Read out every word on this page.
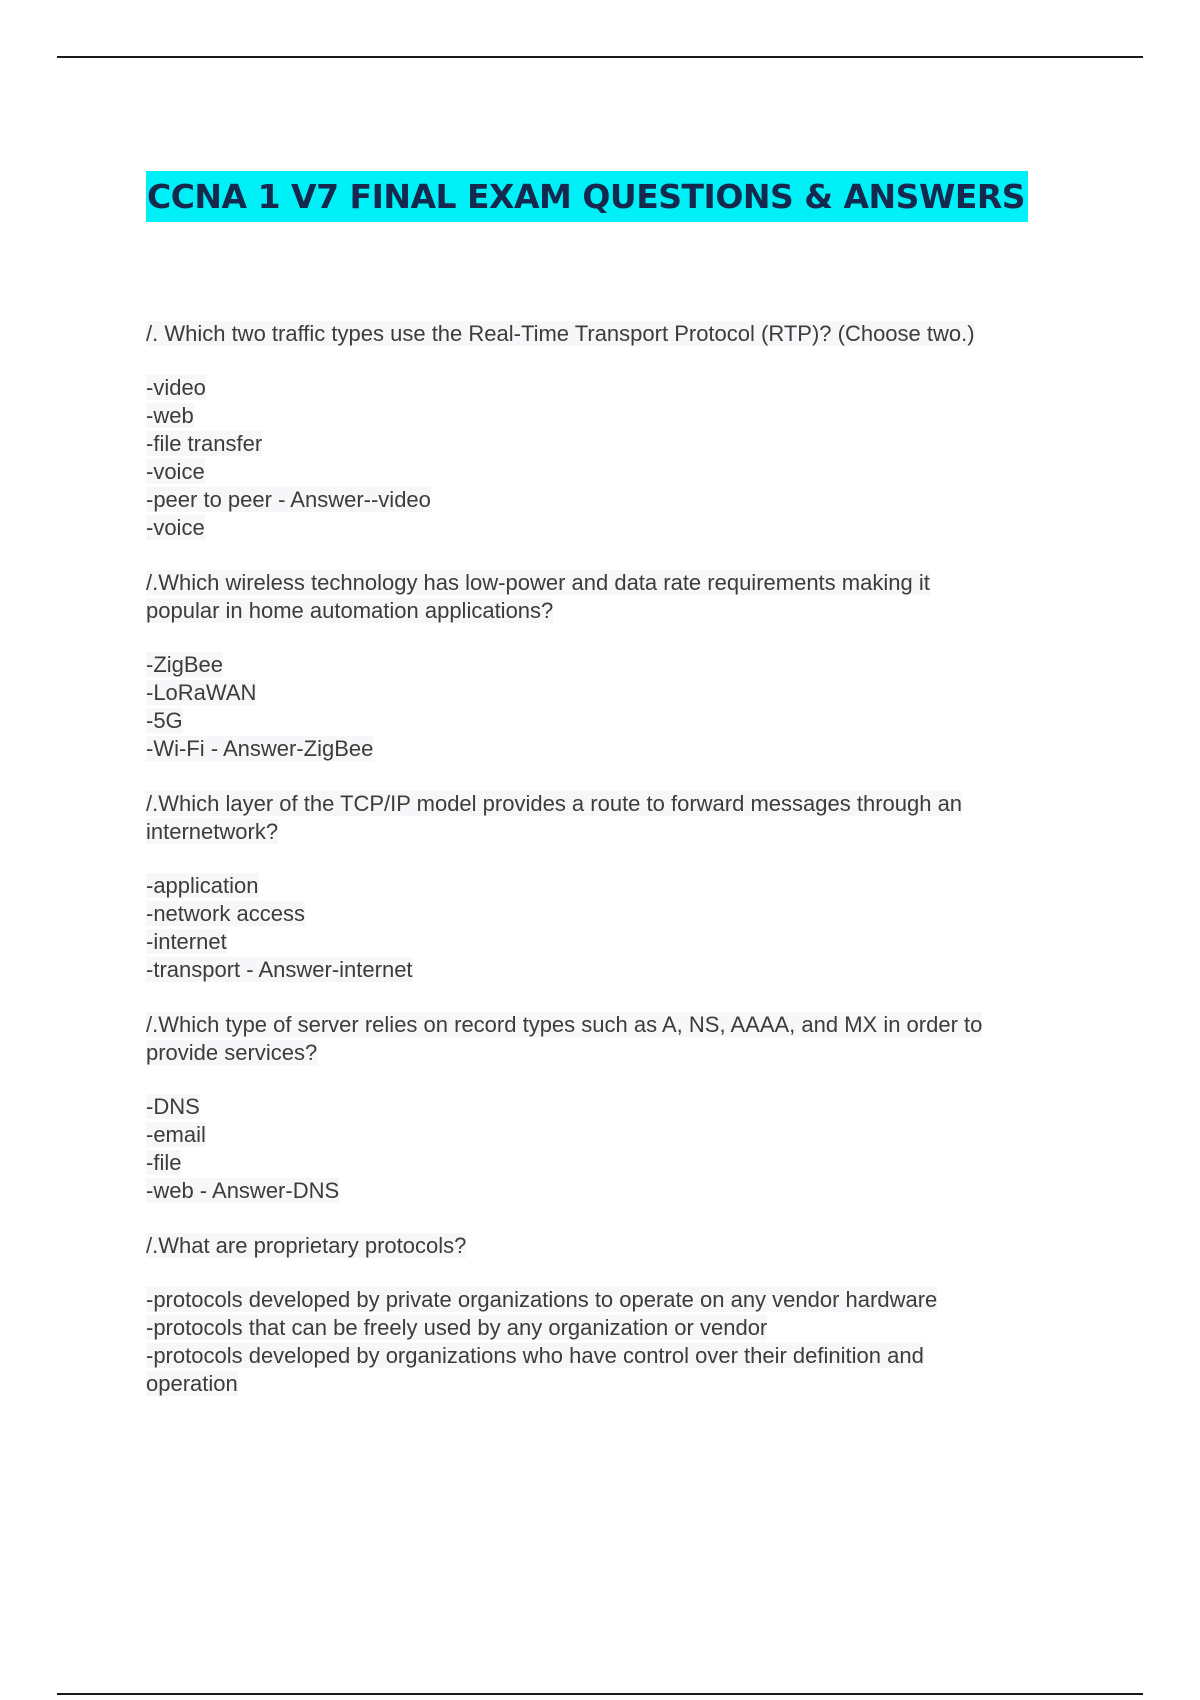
CCNA 1 V7 FINAL EXAM QUESTIONS & ANSWERS
/. Which two traffic types use the Real-Time Transport Protocol (RTP)? (Choose two.)
-video
-web
-file transfer
-voice
-peer to peer - Answer--video
-voice
/.Which wireless technology has low-power and data rate requirements making it
popular in home automation applications?
-ZigBee
-LoRaWAN
-5G
-Wi-Fi - Answer-ZigBee
/.Which layer of the TCP/IP model provides a route to forward messages through an
internetwork?
-application
-network access
-internet
-transport - Answer-internet
/.Which type of server relies on record types such as A, NS, AAAA, and MX in order to
provide services?
-DNS
-email
-file
-web - Answer-DNS
/.What are proprietary protocols?
-protocols developed by private organizations to operate on any vendor hardware
-protocols that can be freely used by any organization or vendor
-protocols developed by organizations who have control over their definition and
operation
